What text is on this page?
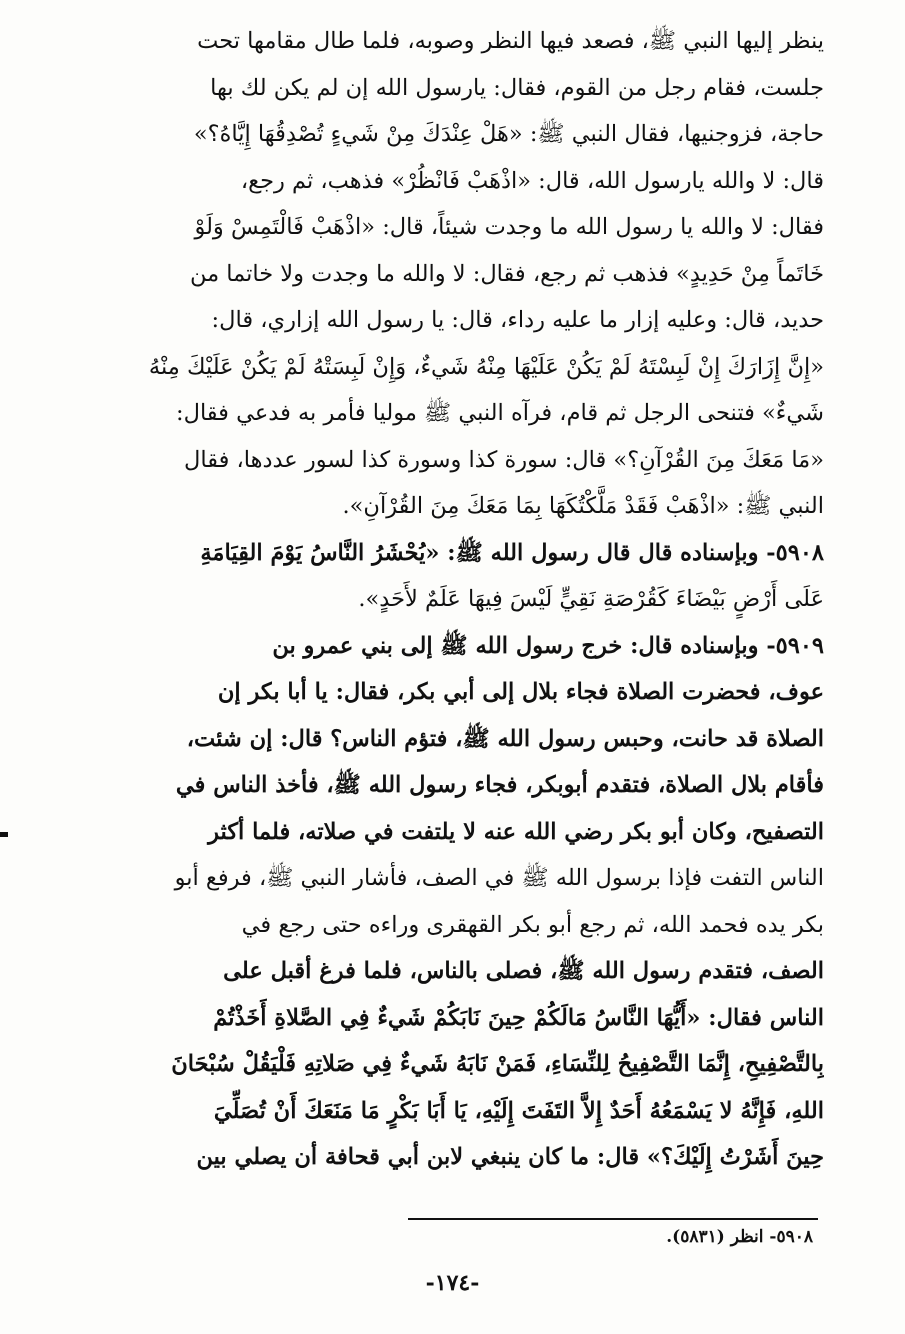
ينظر إليها النبي ﷺ، فصعد فيها النظر وصوبه، فلما طال مقامها تحت
جلست، فقام رجل من القوم، فقال: يارسول الله إن لم يكن لك بها
حاجة، فزوجنيها، فقال النبي ﷺ: «هَلْ عِنْدَكَ مِنْ شَيءٍ تُصْدِقُهَا إِيَّاهُ؟»
قال: لا والله يارسول الله، قال: «اذْهَبْ فَانْظُرْ» فذهب، ثم رجع،
فقال: لا والله يا رسول الله ما وجدت شيئاً، قال: «اذْهَبْ فَالْتَمِسْ وَلَوْ
خَاتَماً مِنْ حَدِيدٍ» فذهب ثم رجع، فقال: لا والله ما وجدت ولا خاتما من
حديد، قال: وعليه إزار ما عليه رداء، قال: يا رسول الله إزاري، قال:
«إِنَّ إِزَارَكَ إِنْ لَبِسْتَهُ لَمْ يَكُنْ عَلَيْهَا مِنْهُ شَيءٌ، وَإِنْ لَبِسَتْهُ لَمْ يَكُنْ عَلَيْكَ مِنْهُ
شَيءٌ» فتنحى الرجل ثم قام، فرآه النبي ﷺ موليا فأمر به فدعي فقال:
«مَا مَعَكَ مِنَ القُرْآنِ؟» قال: سورة كذا وسورة كذا لسور عددها، فقال
النبي ﷺ: «اذْهَبْ فَقَدْ مَلَّكْتُكَهَا بِمَا مَعَكَ مِنَ القُرْآنِ».
٥٩٠٨- وبإسناده قال قال رسول الله ﷺ: «يُحْشَرُ النَّاسُ يَوْمَ القِيَامَةِ
عَلَى أَرْضٍ بَيْضَاءَ كَقُرْصَةِ نَقِيٍّ لَيْسَ فِيهَا عَلَمٌ لأَحَدٍ».
٥٩٠٩- وبإسناده قال: خرج رسول الله ﷺ إلى بني عمرو بن
عوف، فحضرت الصلاة فجاء بلال إلى أبي بكر، فقال: يا أبا بكر إن
الصلاة قد حانت، وحبس رسول الله ﷺ، فتؤم الناس؟ قال: إن شئت،
فأقام بلال الصلاة، فتقدم أبوبكر، فجاء رسول الله ﷺ، فأخذ الناس في
التصفيح، وكان أبو بكر رضي الله عنه لا يلتفت في صلاته، فلما أكثر
الناس التفت فإذا برسول الله ﷺ في الصف، فأشار النبي ﷺ، فرفع أبو
بكر يده فحمد الله، ثم رجع أبو بكر القهقرى وراءه حتى رجع في
الصف، فتقدم رسول الله ﷺ، فصلى بالناس، فلما فرغ أقبل على
الناس فقال: «أَيُّهَا النَّاسُ مَالَكُمْ حِينَ نَابَكُمْ شَيءٌ فِي الصَّلاةِ أَخَذْتُمْ
بِالتَّصْفِيحِ، إِنَّمَا التَّصْفِيحُ لِلنِّسَاءِ، فَمَنْ نَابَهُ شَيءٌ فِي صَلاتِهِ فَلْيَقُلْ سُبْحَانَ
اللهِ، فَإِنَّهُ لا يَسْمَعُهُ أَحَدٌ إِلاَّ التَفَتَ إِلَيْهِ، يَا أَبَا بَكْرٍ مَا مَنَعَكَ أَنْ تُصَلِّيَ
حِينَ أَشَرْتُ إِلَيْكَ؟» قال: ما كان ينبغي لابن أبي قحافة أن يصلي بين
٥٩٠٨- انظر (٥٨٣١).
-١٧٤-
